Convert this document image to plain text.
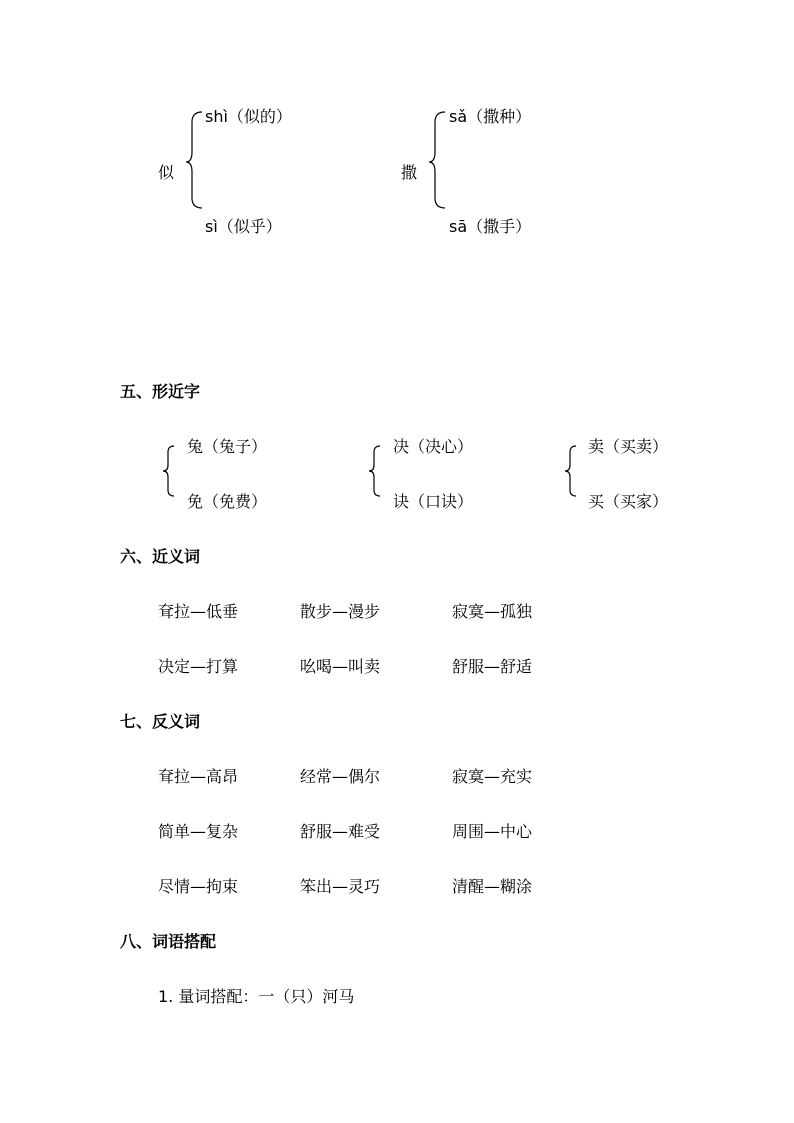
似
shì（似的）
sì（似乎）
撒
sǎ（撒种）
sā（撒手）
五、形近字
兔（兔子）
免（免费）
决（决心）
诀（口诀）
卖（买卖）
买（买家）
六、近义词
耷拉—低垂	散步—漫步	寂寞—孤独
决定—打算	吆喝—叫卖	舒服—舒适
七、反义词
耷拉—高昂	经常—偶尔	寂寞—充实
简单—复杂	舒服—难受	周围—中心
尽情—拘束	笨出—灵巧	清醒—糊涂
八、词语搭配
1. 量词搭配：一（只）河马
